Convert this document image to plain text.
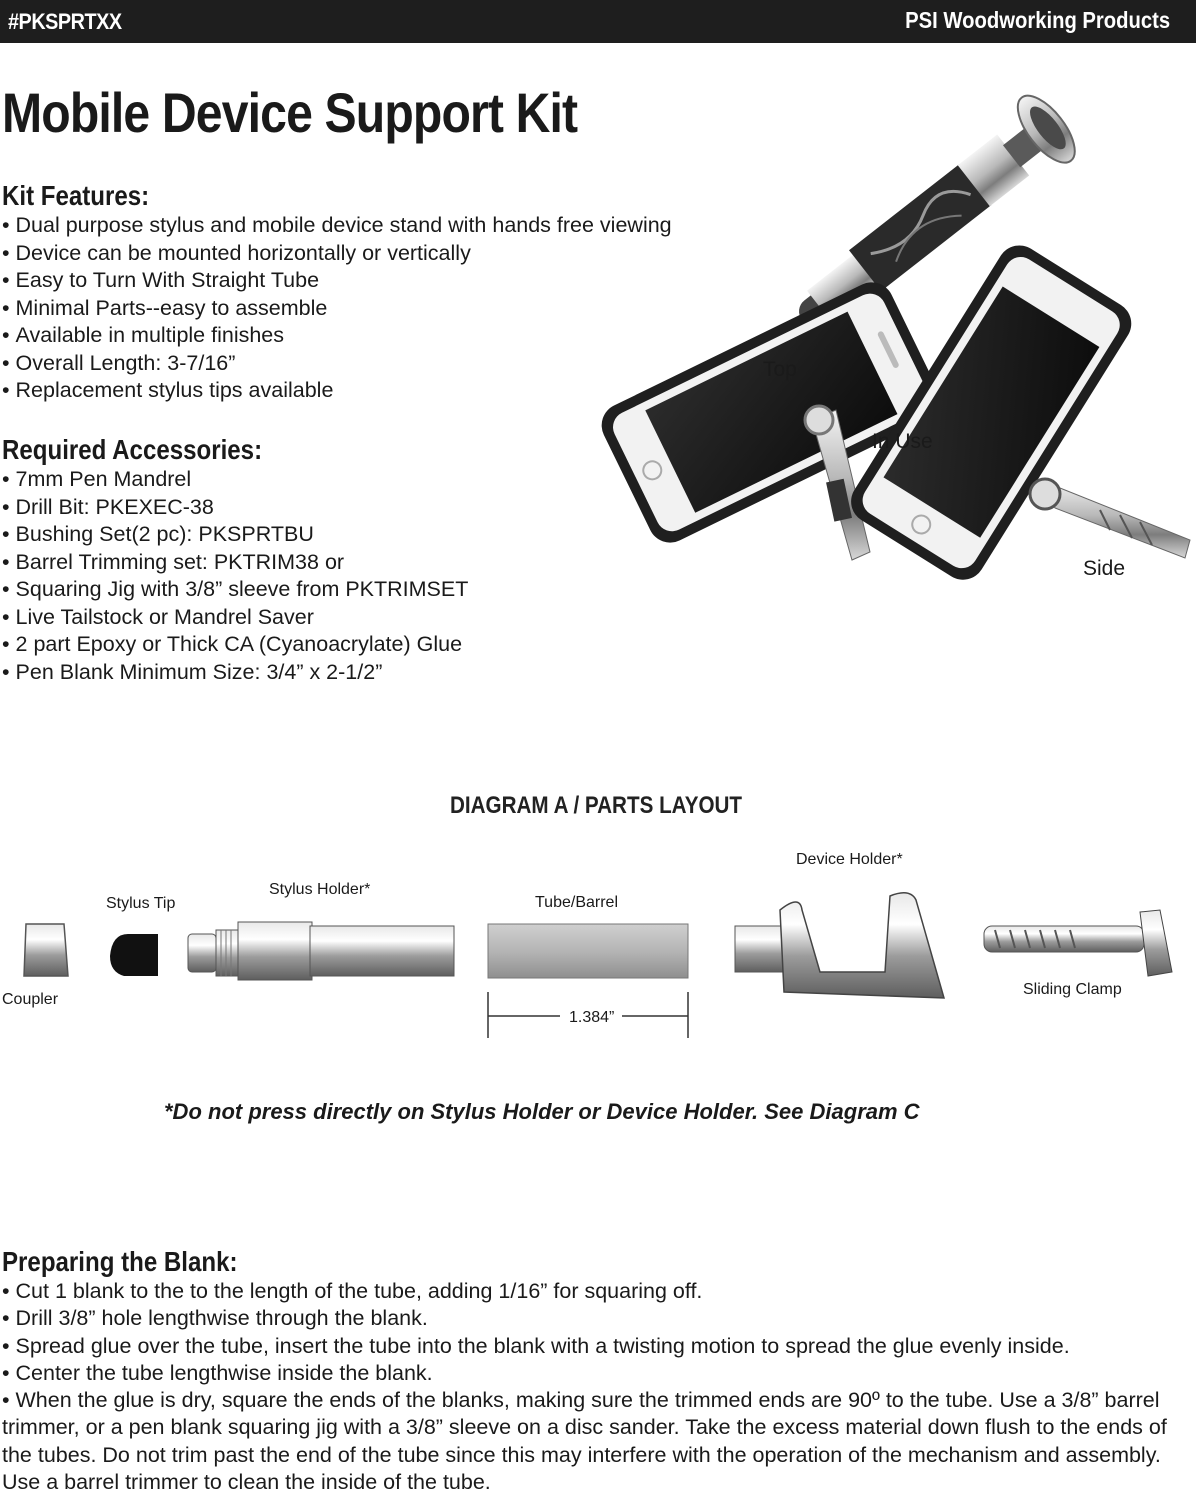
#PKSPRTXX	PSI Woodworking Products
Mobile Device Support Kit
Kit Features:
• Dual purpose stylus and mobile device stand with hands free viewing
• Device can be mounted horizontally or vertically
• Easy to Turn With Straight Tube
• Minimal Parts--easy to assemble
• Available in multiple finishes
• Overall Length: 3-7/16”
• Replacement stylus tips available
Required Accessories:
• 7mm Pen Mandrel
• Drill Bit: PKEXEC-38
• Bushing Set(2 pc): PKSPRTBU
• Barrel Trimming set: PKTRIM38 or
• Squaring Jig with 3/8” sleeve from PKTRIMSET
• Live Tailstock or Mandrel Saver
• 2 part Epoxy or Thick CA (Cyanoacrylate) Glue
• Pen Blank Minimum Size: 3/4” x 2-1/2”
Top
In Use
Side
DIAGRAM A / PARTS LAYOUT
Coupler
Stylus Tip
Stylus Holder*
Tube/Barrel
Device Holder*
Sliding Clamp
1.384”
*Do not press directly on Stylus Holder or Device Holder. See Diagram C
Preparing the Blank:
• Cut 1 blank to the to the length of the tube, adding 1/16” for squaring off.
• Drill 3/8” hole lengthwise through the blank.
• Spread glue over the tube, insert the tube into the blank with a twisting motion to spread the glue evenly inside.
• Center the tube lengthwise inside the blank.
• When the glue is dry, square the ends of the blanks, making sure the trimmed ends are 90º to the tube. Use a 3/8” barrel trimmer, or a pen blank squaring jig with a 3/8” sleeve on a disc sander. Take the excess material down flush to the ends of the tubes. Do not trim past the end of the tube since this may interfere with the operation of the mechanism and assembly. Use a barrel trimmer to clean the inside of the tube.
